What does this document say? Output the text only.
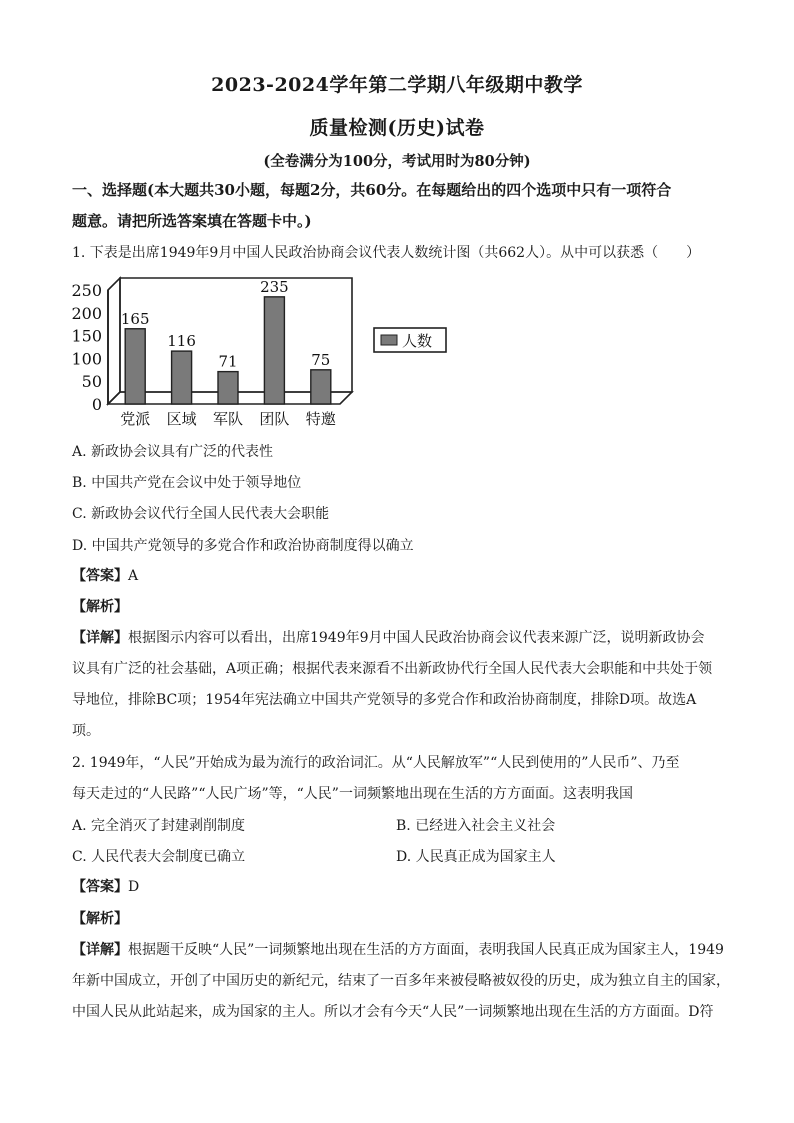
2023-2024学年第二学期八年级期中教学
质量检测(历史)试卷
(全卷满分为100分，考试用时为80分钟)
一、选择题(本大题共30小题，每题2分，共60分。在每题给出的四个选项中只有一项符合
题意。请把所选答案填在答题卡中。)
1. 下表是出席1949年9月中国人民政治协商会议代表人数统计图（共662人）。从中可以获悉（　　）
0
50
100
150
200
250
165
党派
116
区域
71
军队
235
团队
75
特邀
人数
A. 新政协会议具有广泛的代表性
B. 中国共产党在会议中处于领导地位
C. 新政协会议代行全国人民代表大会职能
D. 中国共产党领导的多党合作和政治协商制度得以确立
【答案】A
【解析】
【详解】根据图示内容可以看出，出席1949年9月中国人民政治协商会议代表来源广泛，说明新政协会
议具有广泛的社会基础，A项正确；根据代表来源看不出新政协代行全国人民代表大会职能和中共处于领
导地位，排除BC项；1954年宪法确立中国共产党领导的多党合作和政治协商制度，排除D项。故选A
项。
2. 1949年，“人民”开始成为最为流行的政治词汇。从“人民解放军”“人民到使用的”人民币”、乃至
每天走过的“人民路”“人民广场”等，“人民”一词频繁地出现在生活的方方面面。这表明我国
A. 完全消灭了封建剥削制度	B. 已经进入社会主义社会
C. 人民代表大会制度已确立	D. 人民真正成为国家主人
【答案】D
【解析】
【详解】根据题干反映“人民”一词频繁地出现在生活的方方面面，表明我国人民真正成为国家主人，1949
年新中国成立，开创了中国历史的新纪元，结束了一百多年来被侵略被奴役的历史，成为独立自主的国家，
中国人民从此站起来，成为国家的主人。所以才会有今天“人民”一词频繁地出现在生活的方方面面。D符
